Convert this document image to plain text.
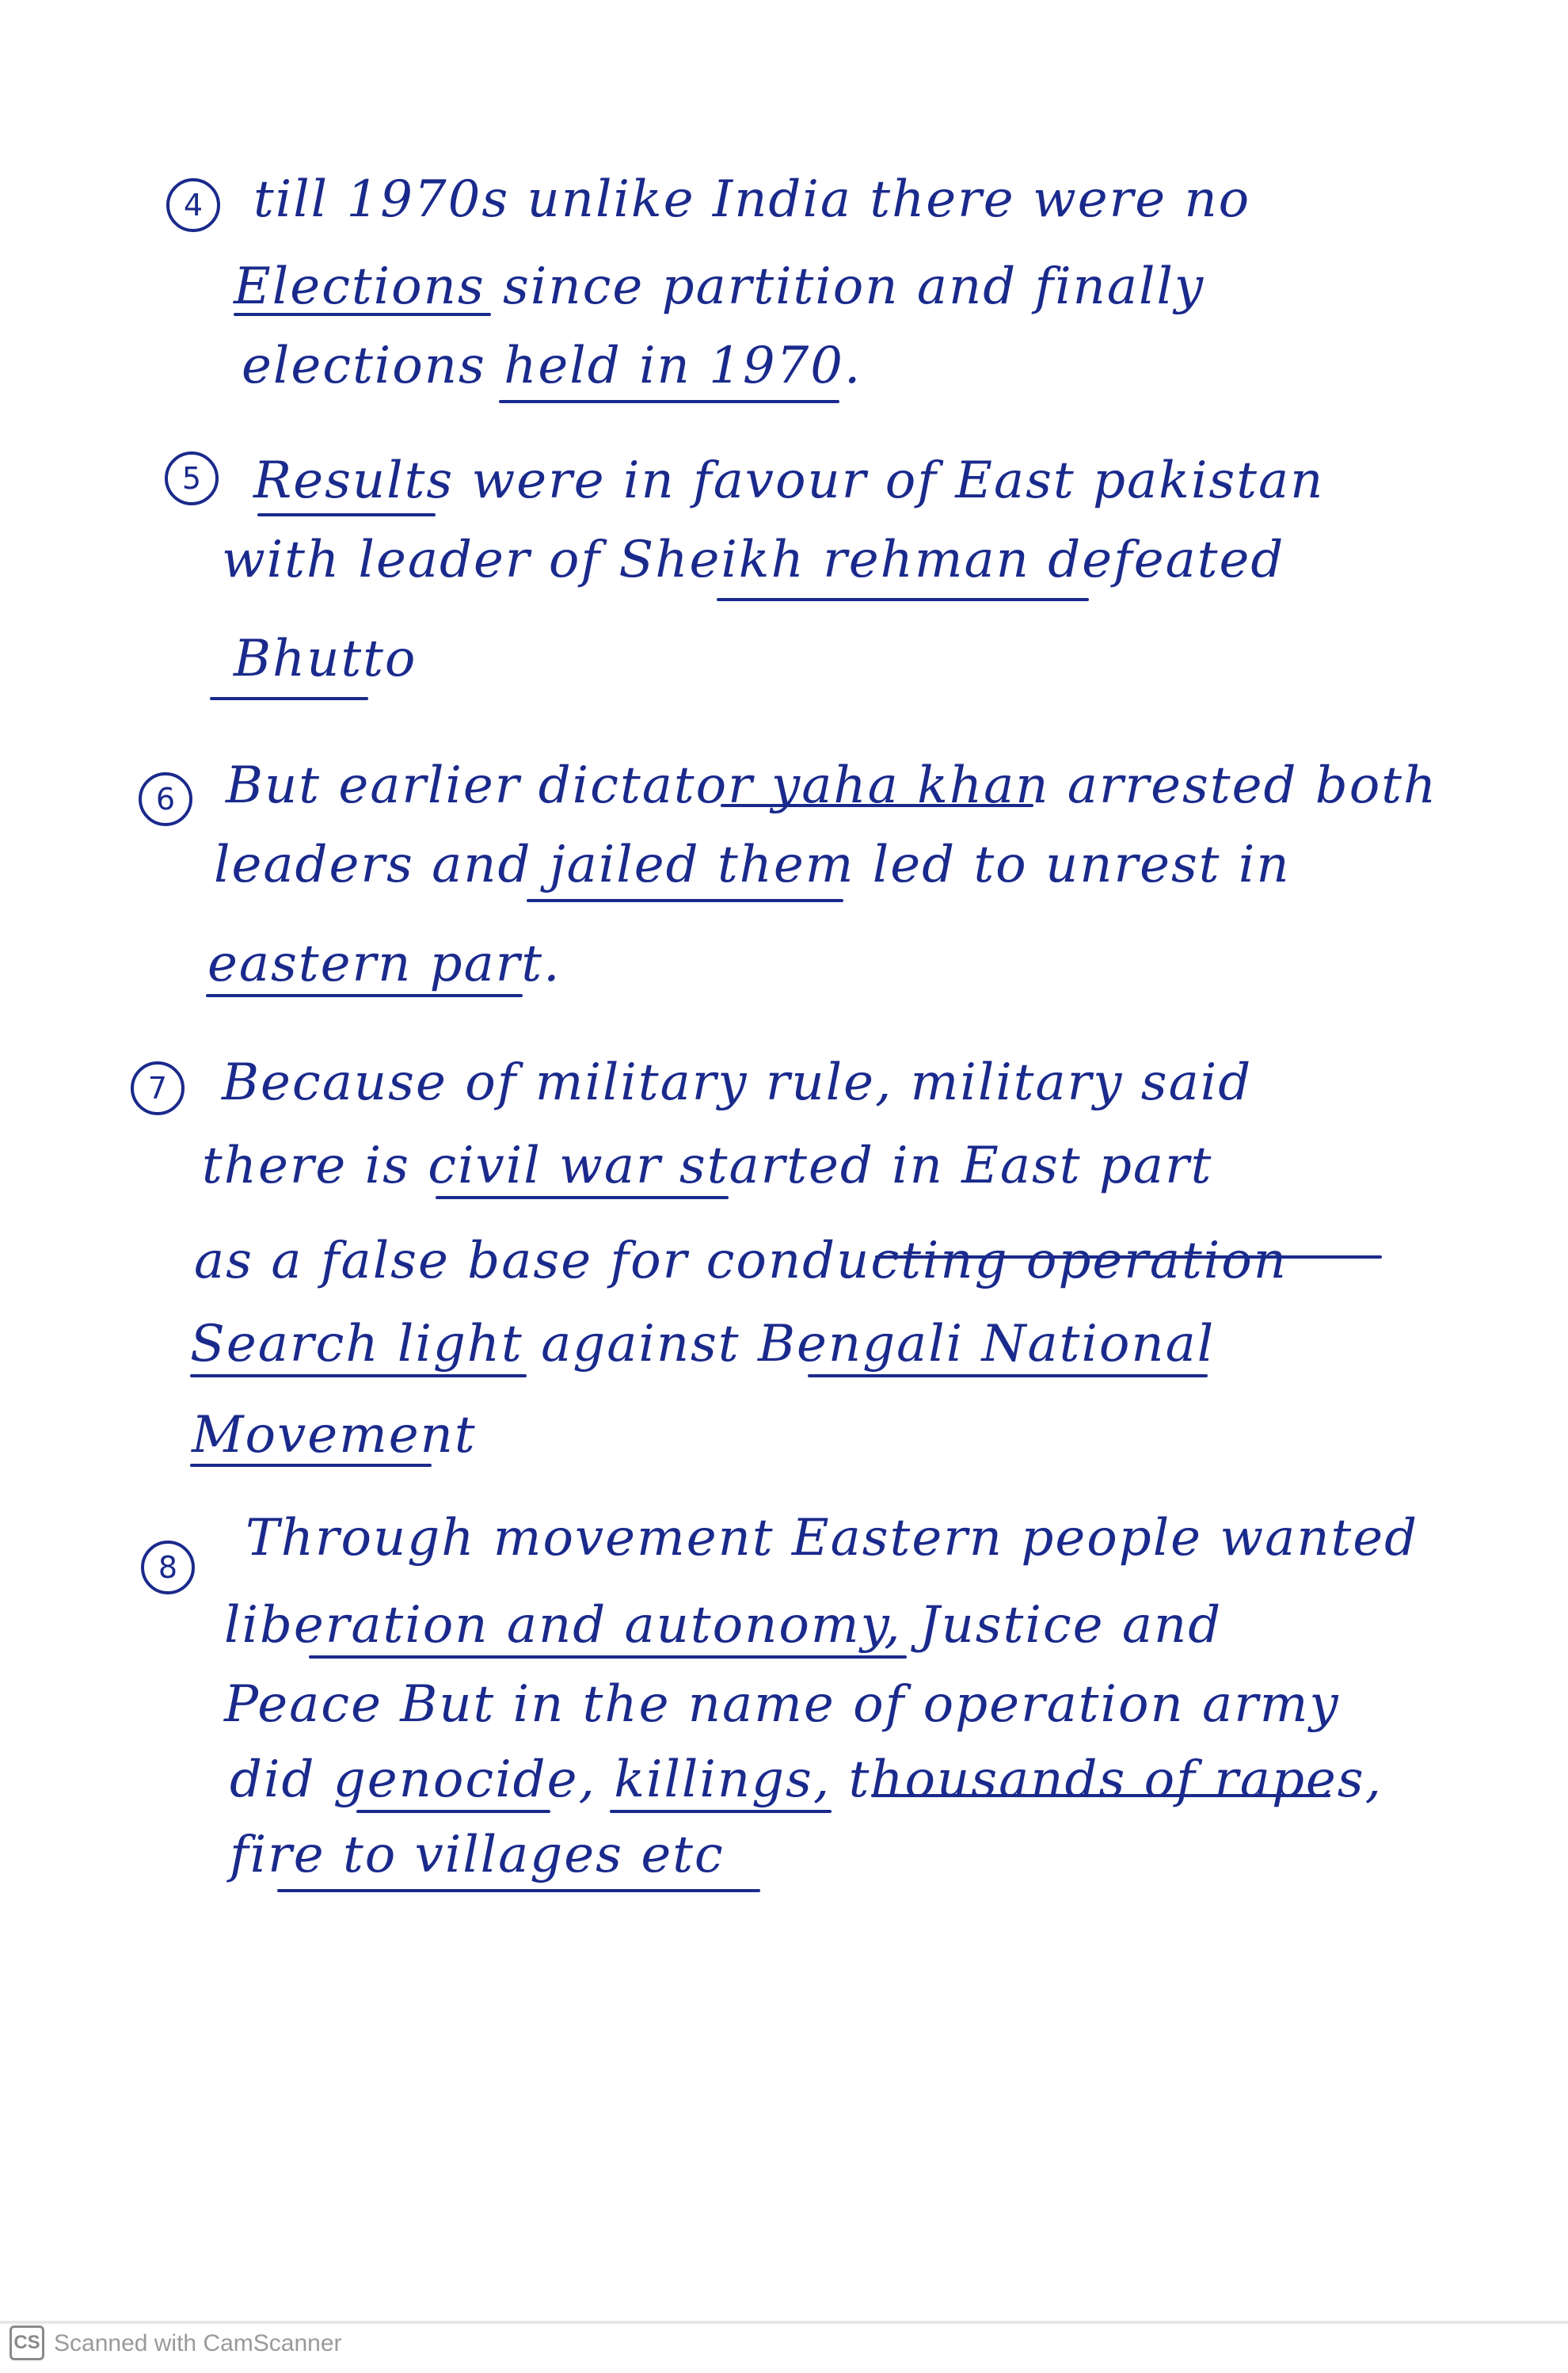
4 till 1970s unlike India there were no
Elections since partition and finally
elections held in 1970.
5	Results were in favour of East pakistan
with leader of Sheikh rehman defeated
Bhutto
6 But earlier dictator yaha khan arrested both
leaders and jailed them led to unrest in
eastern part.
7	Because of military rule, military said
there is civil war started in East part
as a false base for conducting operation
Search light against Bengali National
Movement
8	Through movement Eastern people wanted
liberation and autonomy, Justice and
Peace But in the name of operation army
did genocide, killings, thousands of rapes,
fire to villages etc
CS Scanned with CamScanner
